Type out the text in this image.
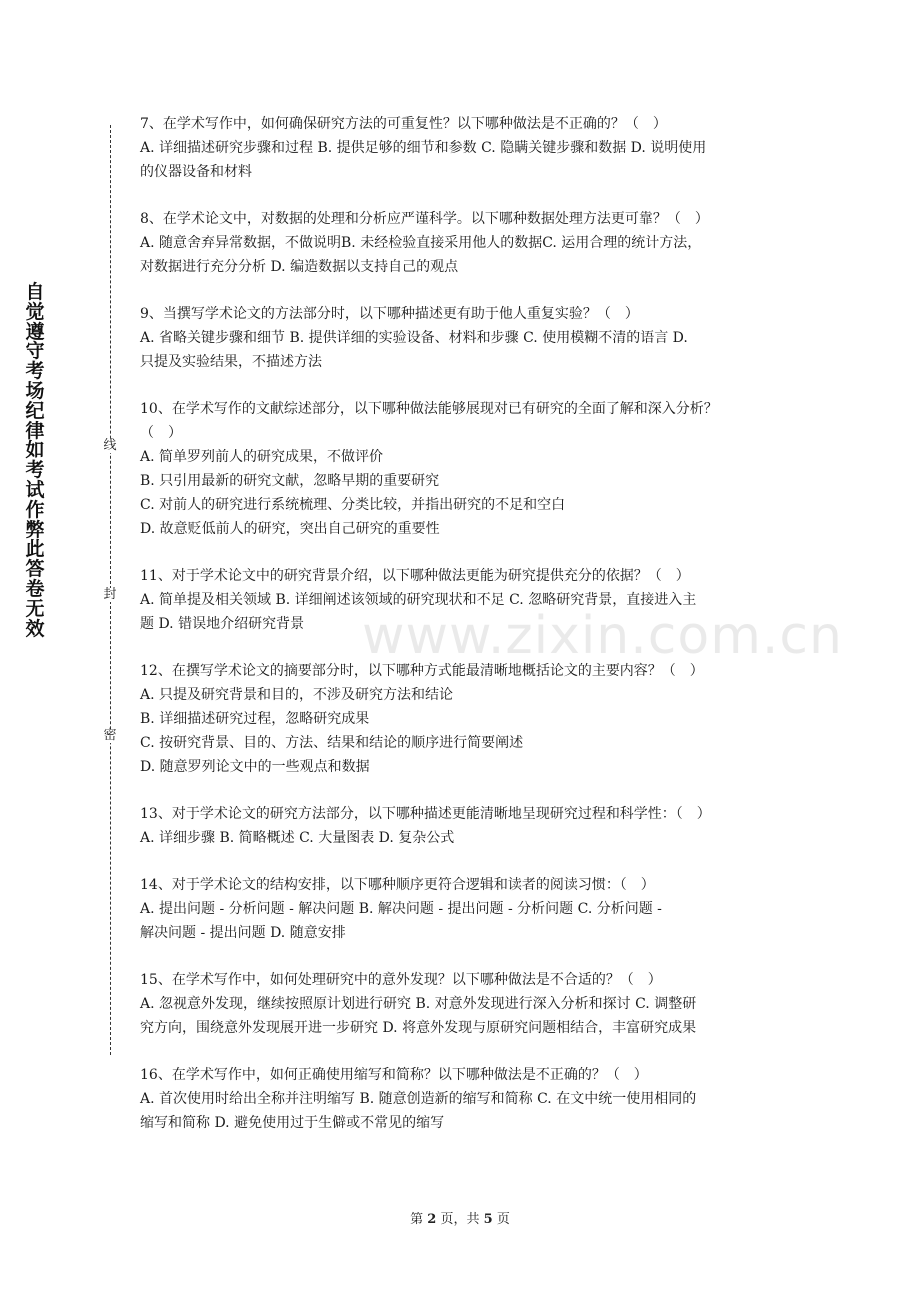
自觉遵守考场纪律如考试作弊此答卷无效
线
封
密
www.zixin.com.cn
7、在学术写作中，如何确保研究方法的可重复性？以下哪种做法是不正确的？（　）
A. 详细描述研究步骤和过程 B. 提供足够的细节和参数 C. 隐瞒关键步骤和数据 D. 说明使用
的仪器设备和材料
8、在学术论文中，对数据的处理和分析应严谨科学。以下哪种数据处理方法更可靠？（　）
A. 随意舍弃异常数据，不做说明B. 未经检验直接采用他人的数据C. 运用合理的统计方法，
对数据进行充分分析 D. 编造数据以支持自己的观点
9、当撰写学术论文的方法部分时，以下哪种描述更有助于他人重复实验？（　）
A. 省略关键步骤和细节 B. 提供详细的实验设备、材料和步骤 C. 使用模糊不清的语言 D.
只提及实验结果，不描述方法
10、在学术写作的文献综述部分，以下哪种做法能够展现对已有研究的全面了解和深入分析？
（　）
A. 简单罗列前人的研究成果，不做评价
B. 只引用最新的研究文献，忽略早期的重要研究
C. 对前人的研究进行系统梳理、分类比较，并指出研究的不足和空白
D. 故意贬低前人的研究，突出自己研究的重要性
11、对于学术论文中的研究背景介绍，以下哪种做法更能为研究提供充分的依据？（　）
A. 简单提及相关领域 B. 详细阐述该领域的研究现状和不足 C. 忽略研究背景，直接进入主
题 D. 错误地介绍研究背景
12、在撰写学术论文的摘要部分时，以下哪种方式能最清晰地概括论文的主要内容？（　）
A. 只提及研究背景和目的，不涉及研究方法和结论
B. 详细描述研究过程，忽略研究成果
C. 按研究背景、目的、方法、结果和结论的顺序进行简要阐述
D. 随意罗列论文中的一些观点和数据
13、对于学术论文的研究方法部分，以下哪种描述更能清晰地呈现研究过程和科学性：（　）
A. 详细步骤 B. 简略概述 C. 大量图表 D. 复杂公式
14、对于学术论文的结构安排，以下哪种顺序更符合逻辑和读者的阅读习惯：（　）
A. 提出问题 - 分析问题 - 解决问题 B. 解决问题 - 提出问题 - 分析问题 C. 分析问题 -
解决问题 - 提出问题 D. 随意安排
15、在学术写作中，如何处理研究中的意外发现？以下哪种做法是不合适的？（　）
A. 忽视意外发现，继续按照原计划进行研究 B. 对意外发现进行深入分析和探讨 C. 调整研
究方向，围绕意外发现展开进一步研究 D. 将意外发现与原研究问题相结合，丰富研究成果
16、在学术写作中，如何正确使用缩写和简称？以下哪种做法是不正确的？（　）
A. 首次使用时给出全称并注明缩写 B. 随意创造新的缩写和简称 C. 在文中统一使用相同的
缩写和简称 D. 避免使用过于生僻或不常见的缩写
第 2 页，共 5 页
